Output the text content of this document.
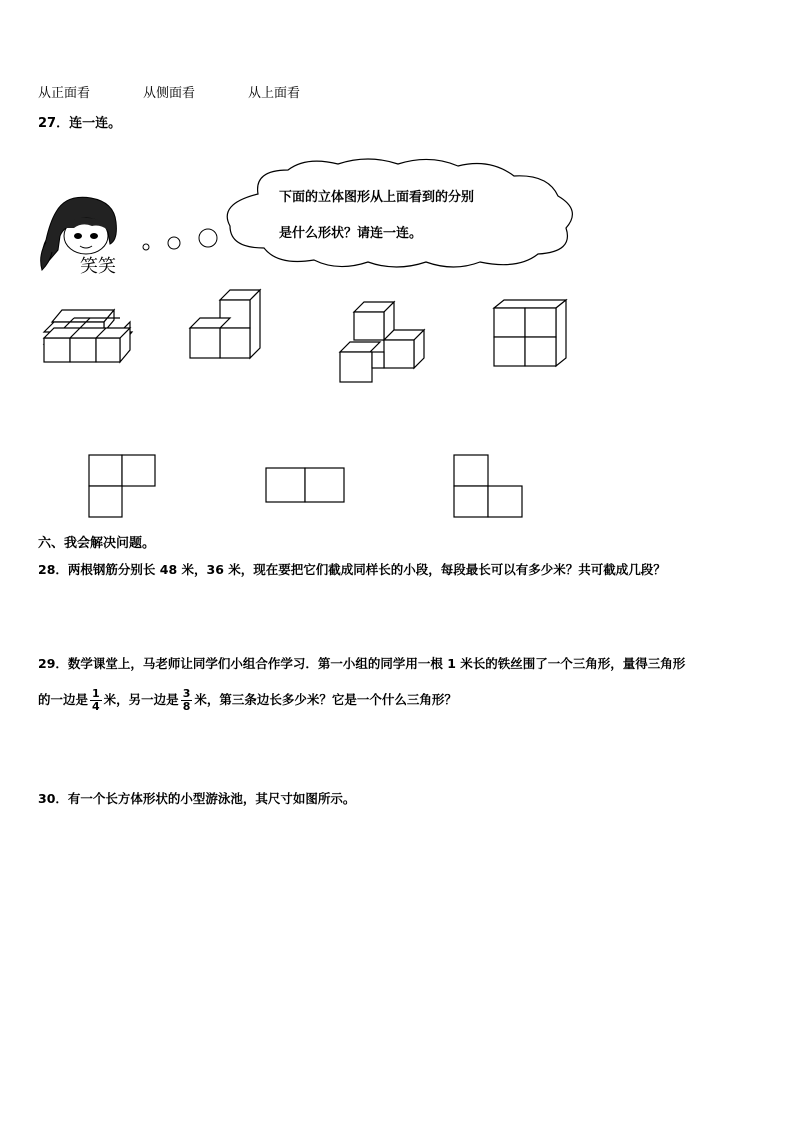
从正面看	从侧面看	从上面看
27．连一连。
笑笑
下面的立体图形从上面看到的分别
是什么形状？请连一连。
六、我会解决问题。
28．两根钢筋分别长 48 米，36 米，现在要把它们截成同样长的小段，每段最长可以有多少米？共可截成几段？
29．数学课堂上，马老师让同学们小组合作学习．第一小组的同学用一根 1 米长的铁丝围了一个三角形，量得三角形
的一边是 $\frac{1}{4}$ 米，另一边是 $\frac{3}{8}$ 米，第三条边长多少米？它是一个什么三角形？
30．有一个长方体形状的小型游泳池，其尺寸如图所示。
